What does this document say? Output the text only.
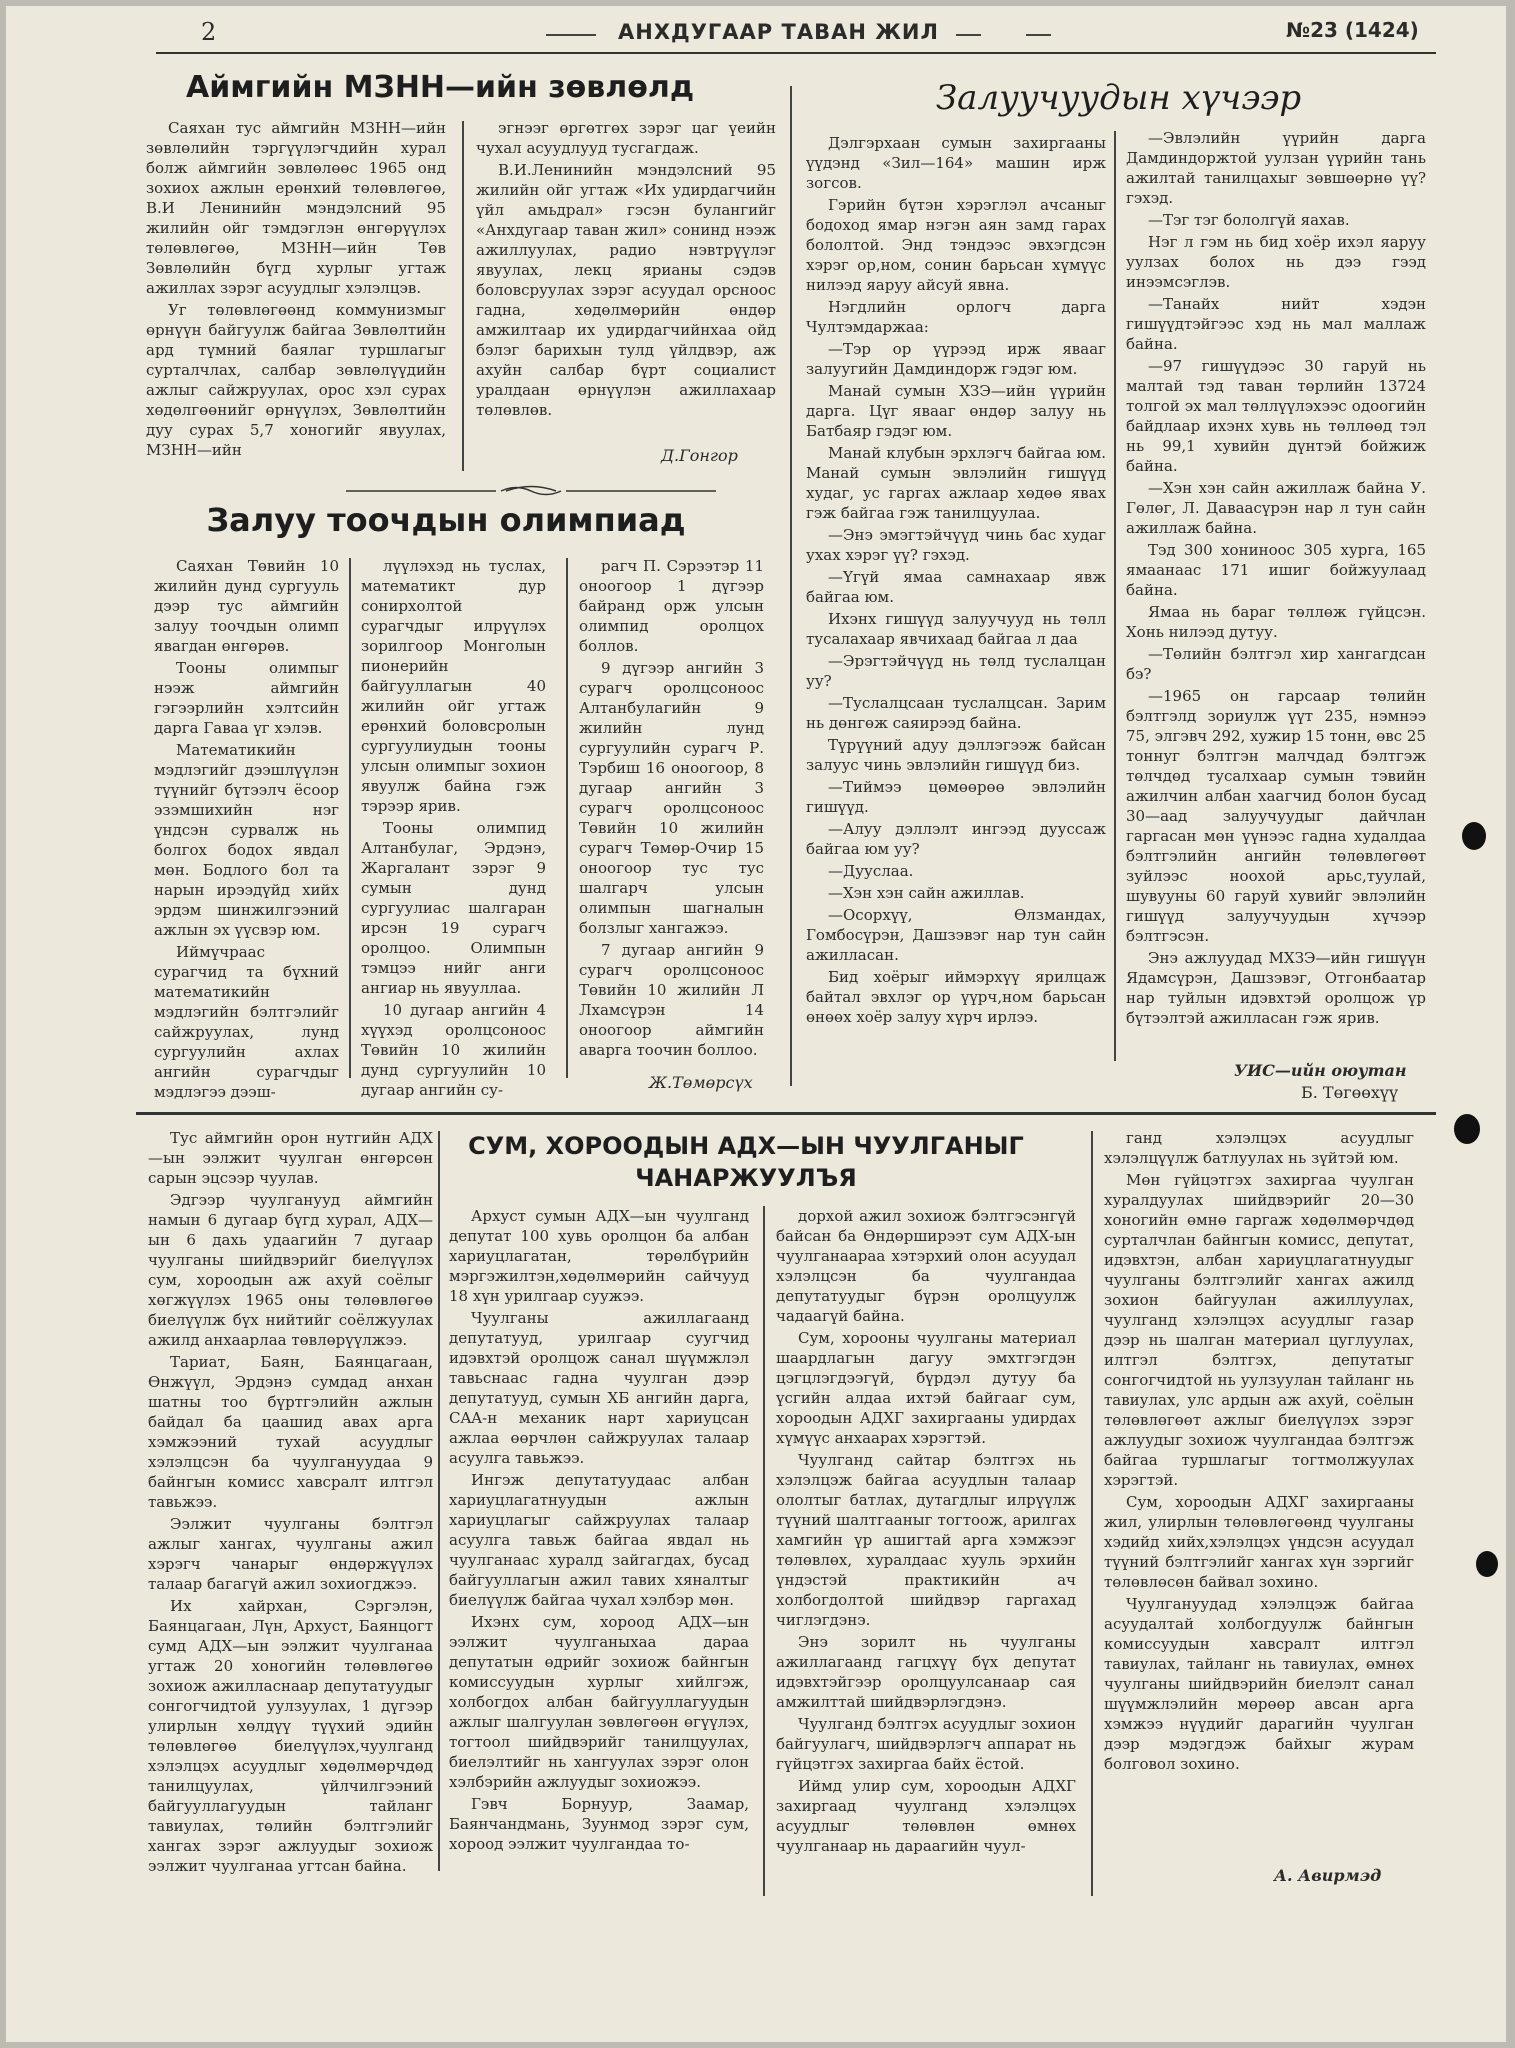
2	АНХДУГААР ТАВАН ЖИЛ	№23 (1424)
Аймгийн МЗНН—ийн зөвлөлд

Саяхан тус аймгийн МЗНН—ийн зөвлөлийн тэргүүлэгчдийн хурал болж аймгийн зөвлөлөөс 1965 онд зохиох ажлын ерөнхий төлөвлөгөө, В.И Ленинийн мэндэлсний 95 жилийн ойг тэмдэглэн өнгөрүүлэх төлөвлөгөө, МЗНН—ийн Төв Зөвлөлийн бүгд хурлыг угтаж ажиллах зэрэг асуудлыг хэлэлцэв.

Уг төлөвлөгөөнд коммунизмыг өрнүүн байгуулж байгаа Зөвлөлтийн ард түмний баялаг туршлагыг сурталчлах, салбар зөвлөлүүдийн ажлыг сайжруулах, орос хэл сурах хөдөлгөөнийг өрнүүлэх, Зөвлөлтийн дуу сурах 5,7 хоногийг явуулах, МЗНН—ийн

эгнээг өргөтгөх зэрэг цаг үеийн чухал асуудлууд тусгагдаж.

В.И.Ленинийн мэндэлсний 95 жилийн ойг угтаж «Их удирдагчийн үйл амьдрал» гэсэн булангийг «Анхдугаар таван жил» сонинд нээж ажиллуулах, радио нэвтрүүлэг явуулах, лекц ярианы сэдэв боловсруулах зэрэг асуудал орсноос гадна, хөдөлмөрийн өндөр амжилтаар их удирдагчийнхаа ойд бэлэг барихын тулд үйлдвэр, аж ахуйн салбар бүрт социалист уралдаан өрнүүлэн ажиллахаар төлөвлөв.

Д.Гонгор
Залуу тоочдын олимпиад

Саяхан Төвийн 10 жилийн дунд сургууль дээр тус аймгийн залуу тоочдын олимп явагдан өнгөрөв.

Тооны олимпыг нээж аймгийн гэгээрлийн хэлтсийн дарга Гаваа үг хэлэв.

Математикийн мэдлэгийг дээшлүүлэн түүнийг бүтээлч ёсоор эзэмшихийн нэг үндсэн сурвалж нь болгох бодох явдал мөн. Бодлого бол та нарын ирээдүйд хийх эрдэм шинжилгээний ажлын эх үүсвэр юм.

Иймүчраас сурагчид та бүхний математикийн мэдлэгийн бэлтгэлийг сайжруулах, лунд сургуулийн ахлах ангийн сурагчдыг мэдлэгээ дээш-

лүүлэхэд нь туслах, математикт дур сонирхолтой сурагчдыг илрүүлэх зорилгоор Монголын пионерийн байгууллагын 40 жилийн ойг угтаж ерөнхий боловсролын сургуулиудын тооны улсын олимпыг зохион явуулж байна гэж тэрээр ярив.

Тооны олимпид Алтанбулаг, Эрдэнэ, Жаргалант зэрэг 9 сумын дунд сургуулиас шалгаран ирсэн 19 сурагч оролцоо. Олимпын тэмцээ нийг анги ангиар нь явууллаа.

10 дугаар ангийн 4 хүүхэд оролцсоноос Төвийн 10 жилийн дунд сургуулийн 10 дугаар ангийн су-

рагч П. Сэрээтэр 11 оноогоор 1 дүгээр байранд орж улсын олимпид оролцох боллов.

9 дүгээр ангийн 3 сурагч оролцсоноос Алтанбулагийн 9 жилийн лунд сургуулийн сурагч Р. Тэрбиш 16 оноогоор, 8 дугаар ангийн 3 сурагч оролцсоноос Төвийн 10 жилийн сурагч Төмөр-Очир 15 оноогоор тус тус шалгарч улсын олимпын шагналын болзлыг хангажээ.

7 дугаар ангийн 9 сурагч оролцсоноос Төвийн 10 жилийн Л Лхамсүрэн 14 оноогоор аймгийн аварга тоочин боллоо.

Ж.Төмөрсүх
Залуучуудын хүчээр

Дэлгэрхаан сумын захиргааны үүдэнд «Зил—164» машин ирж зогсов.

Гэрийн бүтэн хэрэглэл ачсаныг бодоход ямар нэгэн аян замд гарах бололтой. Энд тэндээс эвхэгдсэн хэрэг ор,ном, сонин барьсан хүмүүс нилээд яаруу айсуй явна.

Нэгдлийн орлогч дарга Чултэмдаржаа:

—Тэр ор үүрээд ирж явааг залуугийн Дамдиндорж гэдэг юм.

Манай сумын ХЗЭ—ийн үүрийн дарга. Цүг явааг өндөр залуу нь Батбаяр гэдэг юм.

Манай клубын эрхлэгч байгаа юм. Манай сумын эвлэлийн гишүүд худаг, ус гаргах ажлаар хөдөө явах гэж байгаа гэж танилцуулаа.

—Энэ эмэгтэйчүүд чинь бас худаг ухах хэрэг үү? гэхэд.

—Үгүй ямаа самнахаар явж байгаа юм.

Ихэнх гишүүд залуучууд нь төлл тусалахаар явчихаад байгаа л даа

—Эрэгтэйчүүд нь төлд туслалцан уу?

—Туслалцсаан туслалцсан. Зарим нь дөнгөж саяирээд байна.

Түрүүний адуу дэллэгээж байсан залуус чинь эвлэлийн гишүүд биз.

—Тиймээ цөмөөрөө эвлэлийн гишүүд.

—Алуу дэллэлт ингээд дууссаж байгаа юм уу?

—Дууслаа.

—Хэн хэн сайн ажиллав.

—Осорхүү, Өлзмандах, Гомбосүрэн, Дашзэвэг нар тун сайн ажилласан.

Бид хоёрыг иймэрхүү ярилцаж байтал эвхлэг ор үүрч,ном барьсан өнөөх хоёр залуу хүрч ирлээ.

—Эвлэлийн үүрийн дарга Дамдиндоржтой уулзан үүрийн тань ажилтай танилцахыг зөвшөөрнө үү? гэхэд.

—Тэг тэг бололгүй яахав.

Нэг л гэм нь бид хоёр ихэл яаруу уулзах болох нь дээ гээд инээмсэглэв.

—Танайх нийт хэдэн гишүүдтэйгээс хэд нь мал маллаж байна.

—97 гишүүдээс 30 гаруй нь малтай тэд таван төрлийн 13724 толгой эх мал төллүүлэхээс одоогийн байдлаар ихэнх хувь нь төллөөд тэл нь 99,1 хувийн дүнтэй бойжиж байна.

—Хэн хэн сайн ажиллаж байна У. Гөлөг, Л. Даваасүрэн нар л тун сайн ажиллаж байна.

Тэд 300 хониноос 305 хурга, 165 ямаанаас 171 ишиг бойжуулаад байна.

Ямаа нь бараг төллөж гүйцсэн. Хонь нилээд дутуу.

—Төлийн бэлтгэл хир хангагдсан бэ?

—1965 он гарсаар төлийн бэлтгэлд зориулж үүт 235, нэмнээ 75, элгэвч 292, хужир 15 тонн, өвс 25 тоннуг бэлтгэн малчдад бэлтгэж төлчдөд тусалхаар сумын тэвийн ажилчин албан хаагчид болон бусад 30—аад залуучуудыг дайчлан гаргасан мөн үүнээс гадна худалдаа бэлтгэлийн ангийн төлөвлөгөөт зуйлээс ноохой арьс,туулай, шувууны 60 гаруй хувийг эвлэлийн гишүүд залуучуудын хүчээр бэлтгэсэн.

Энэ ажлуудад МХЗЭ—ийн гишүүн Ядамсүрэн, Дашзэвэг, Отгонбаатар нар туйлын идэвхтэй оролцож үр бүтээлтэй ажилласан гэж ярив.

УИС—ийн оюутан
Б. Төгөөхүү
СУМ, ХОРООДЫН АДХ—ЫН ЧУУЛГАНЫГ
ЧАНАРЖУУЛЪЯ

Тус аймгийн орон нутгийн АДХ—ын ээлжит чуулган өнгөрсөн сарын эцсээр чуулав.

Эдгээр чуулганууд аймгийн намын 6 дугаар бүгд хурал, АДХ—ын 6 дахь удаагийн 7 дугаар чуулганы шийдвэрийг биелүүлэх сум, хороодын аж ахуй соёлыг хөгжүүлэх 1965 оны төлөвлөгөө биелүүлж бүх нийтийг соёлжуулах ажилд анхаарлаа төвлөрүүлжээ.

Тариат, Баян, Баянцагаан, Өнжүүл, Эрдэнэ сумдад анхан шатны тоо бүртгэлийн ажлын байдал ба цаашид авах арга хэмжээний тухай асуудлыг хэлэлцсэн ба чуулгануудаа 9 байнгын комисс хавсралт илтгэл тавьжээ.

Ээлжит чуулганы бэлтгэл ажлыг хангах, чуулганы ажил хэрэгч чанарыг өндөржүүлэх талаар багагүй ажил зохиогджээ.

Их хайрхан, Сэргэлэн, Баянцагаан, Лүн, Архуст, Баянцогт сумд АДХ—ын ээлжит чуулганаа угтаж 20 хоногийн төлөвлөгөө зохиож ажилласнаар депутатуудыг сонгогчидтой уулзуулах, 1 дүгээр улирлын хөлдүү түүхий эдийн төлөвлөгөө биелүүлэх,чуулганд хэлэлцэх асуудлыг хөдөлмөрчдөд танилцуулах, үйлчилгээний байгууллагуудын тайланг тавиулах, төлийн бэлтгэлийг хангах зэрэг ажлуудыг зохиож ээлжит чуулганаа угтсан байна.

Архуст сумын АДХ—ын чуулганд депутат 100 хувь оролцон ба албан хариуцлагатан, төрөлбүрийн мэргэжилтэн,хөдөлмөрийн сайчууд 18 хүн урилгаар суужээ.

Чуулганы ажиллагаанд депутатууд, урилгаар суугчид идэвхтэй оролцож санал шүүмжлэл тавьснаас гадна чуулган дээр депутатууд, сумын ХБ ангийн дарга, СAA-н механик нарт хариуцсан ажлаа өөрчлөн сайжруулах талаар асуулга тавьжээ.

Ингэж депутатуудаас албан хариуцлагатнуудын ажлын хариуцлагыг сайжруулах талаар асуулга тавьж байгаа явдал нь чуулганаас хуралд зайгагдах, бусад байгууллагын ажил тавих хяналтыг биелүүлж байгаа чухал хэлбэр мөн.

Ихэнх сум, хороод АДХ—ын ээлжит чуулганыхаа дараа депутатын өдрийг зохиож байнгын комиссуудын хурлыг хийлгэж, холбогдох албан байгууллагуудын ажлыг шалгуулан зөвлөгөөн өгүүлэх, тогтоол шийдвэрийг танилцуулах, биелэлтийг нь хангуулах зэрэг олон хэлбэрийн ажлуудыг зохиожээ.

Гэвч Борнуур, Заамар, Баянчандмань, Зуунмод зэрэг сум, хороод ээлжит чуулгандаа то-

дорхой ажил зохиож бэлтгэсэнгүй байсан ба Өндөрширээт сум АДХ-ын чуулганаараа хэтэрхий олон асуудал хэлэлцсэн ба чуулгандаа депутатуудыг бүрэн оролцуулж чадаагүй байна.

Сум, хорооны чуулганы материал шаардлагын дагуу эмхтгэгдэн цэгцлэгдээгүй, бүрдэл дутуу ба үсгийн алдаа ихтэй байгааг сум, хороодын АДХГ захиргааны удирдах хүмүүс анхаарах хэрэгтэй.

Чуулганд сайтар бэлтгэх нь хэлэлцэж байгаа асуудлын талаар ололтыг батлах, дутагдлыг илрүүлж түүний шалтгааныг тогтоож, арилгах хамгийн үр ашигтай арга хэмжээг төлөвлөх, хуралдаас хууль эрхийн үндэстэй практикийн ач холбогдолтой шийдвэр гаргахад чиглэгдэнэ.

Энэ зорилт нь чуулганы ажиллагаанд гагцхүү бүх депутат идэвхтэйгээр оролцуулсанаар сая амжилттай шийдвэрлэгдэнэ.

Чуулганд бэлтгэх асуудлыг зохион байгуулагч, шийдвэрлэгч аппарат нь гүйцэтгэх захиргаа байх ёстой.

Иймд улир сум, хороодын АДХГ захиргаад чуулганд хэлэлцэх асуудлыг төлөвлөн өмнөх чуулганаар нь дараагийн чуул-

ганд хэлэлцэх асуудлыг хэлэлцүүлж батлуулах нь зүйтэй юм.

Мөн гүйцэтгэх захиргаа чуулган хуралдуулах шийдвэрийг 20—30 хоногийн өмнө гаргаж хөдөлмөрчдөд сурталчлан байнгын комисс, депутат, идэвхтэн, албан хариуцлагатнуудыг чуулганы бэлтгэлийг хангах ажилд зохион байгуулан ажиллуулах, чуулганд хэлэлцэх асуудлыг газар дээр нь шалган материал цуглуулах, илтгэл бэлтгэх, депутатыг сонгогчидтой нь уулзуулан тайланг нь тавиулах, улс ардын аж ахуй, соёлын төлөвлөгөөт ажлыг биелүүлэх зэрэг ажлуудыг зохиож чуулгандаа бэлтгэж байгаа туршлагыг тогтмолжуулах хэрэгтэй.

Сум, хороодын АДХГ захиргааны жил, улирлын төлөвлөгөөнд чуулганы хэдийд хийх,хэлэлцэх үндсэн асуудал түүний бэлтгэлийг хангах хүн зэргийг төлөвлөсөн байвал зохино.

Чуулгануудад хэлэлцэж байгаа асуудалтай холбогдуулж байнгын комиссуудын хавсралт илтгэл тавиулах, тайланг нь тавиулах, өмнөх чуулганы шийдвэрийн биелэлт санал шүүмжлэлийн мөрөөр авсан арга хэмжээ нүүдийг дарагийн чуулган дээр мэдэгдэж байхыг журам болговол зохино.

А. Авирмэд
